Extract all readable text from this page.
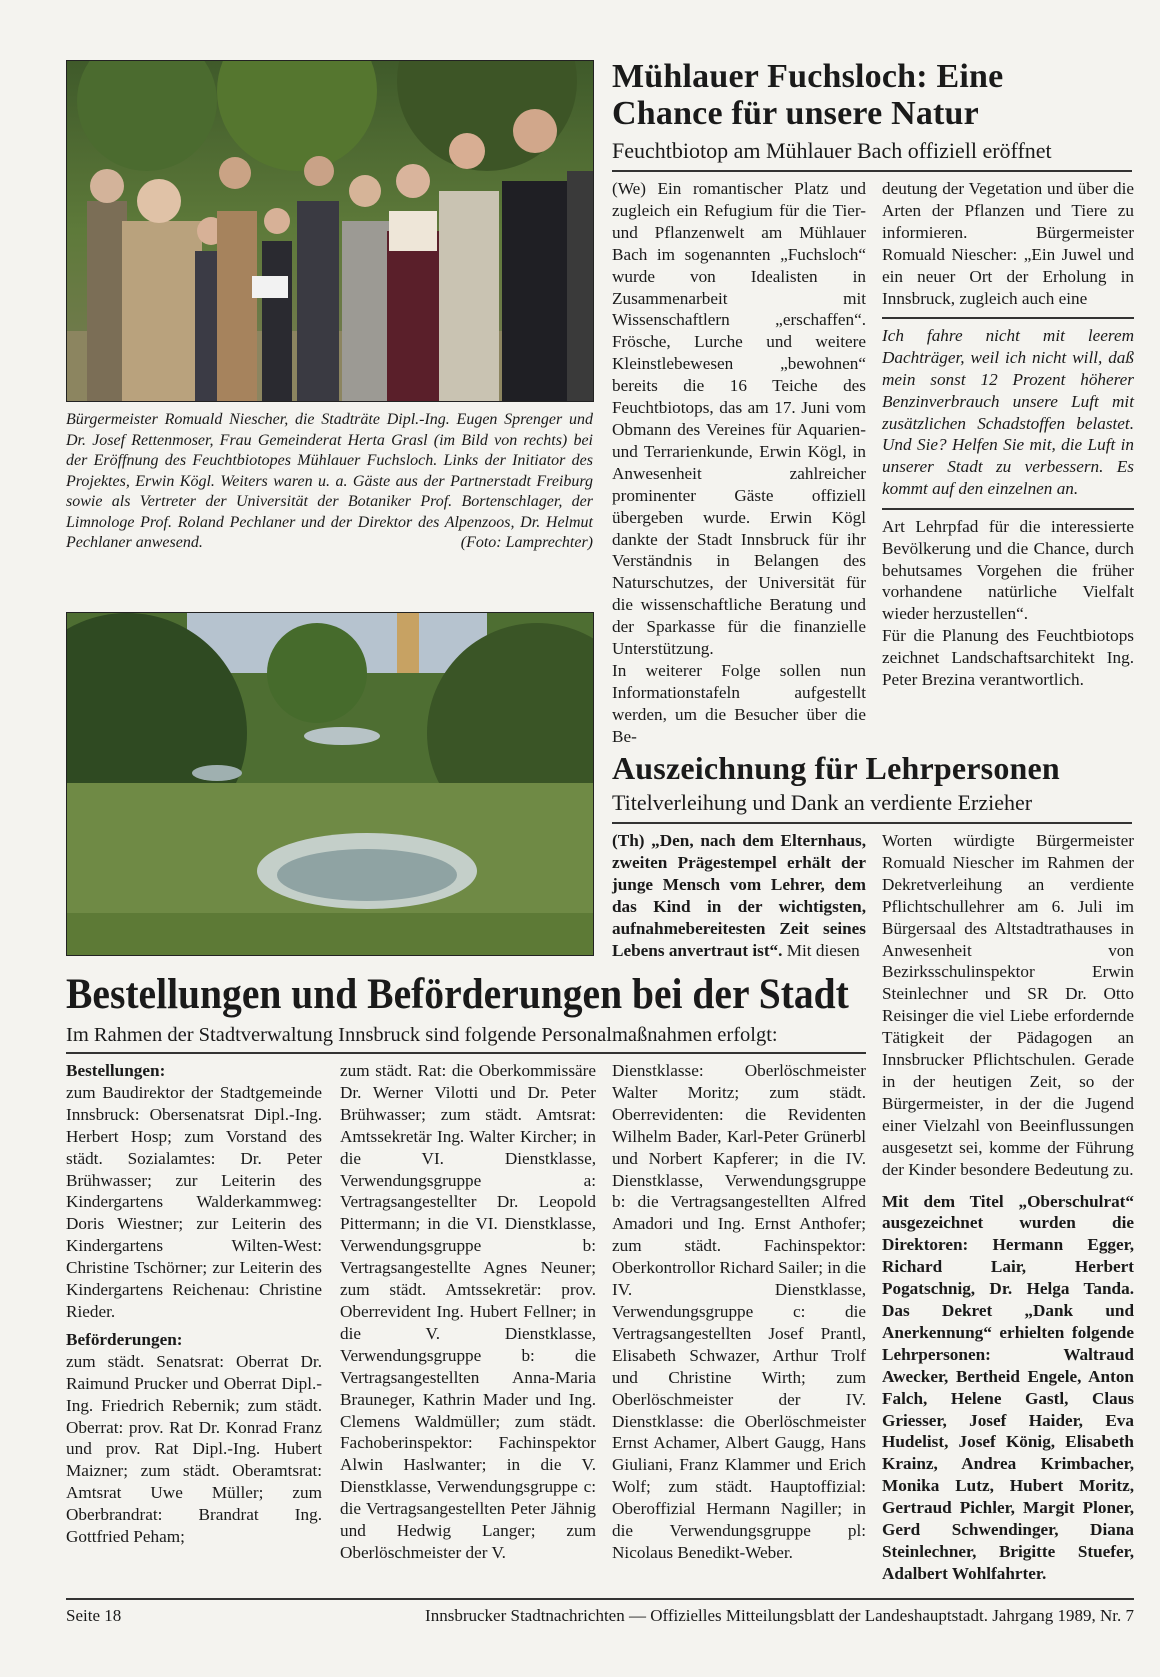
Bürgermeister Romuald Niescher, die Stadträte Dipl.-Ing. Eugen Sprenger und Dr. Josef Rettenmoser, Frau Gemeinderat Herta Grasl (im Bild von rechts) bei der Eröffnung des Feuchtbiotopes Mühlauer Fuchsloch. Links der Initiator des Projektes, Erwin Kögl. Weiters waren u. a. Gäste aus der Partnerstadt Freiburg sowie als Vertreter der Universität der Botaniker Prof. Bortenschlager, der Limnologe Prof. Roland Pechlaner und der Direktor des Alpenzoos, Dr. Helmut Pechlaner anwesend.	(Foto: Lamprechter)
Mühlauer Fuchsloch: Eine
Chance für unsere Natur
Feuchtbiotop am Mühlauer Bach offiziell eröffnet

(We) Ein romantischer Platz und zugleich ein Refugium für die Tier- und Pflanzenwelt am Mühlauer Bach im sogenannten „Fuchsloch“ wurde von Idealisten in Zusammenarbeit mit Wissenschaftlern „erschaffen“. Frösche, Lurche und weitere Kleinstlebewesen „bewohnen“ bereits die 16 Teiche des Feuchtbiotops, das am 17. Juni vom Obmann des Vereines für Aquarien- und Terrarienkunde, Erwin Kögl, in Anwesenheit zahlreicher prominenter Gäste offiziell übergeben wurde. Erwin Kögl dankte der Stadt Innsbruck für ihr Verständnis in Belangen des Naturschutzes, der Universität für die wissenschaftliche Beratung und der Sparkasse für die finanzielle Unterstützung.

In weiterer Folge sollen nun Informationstafeln aufgestellt werden, um die Besucher über die Be-

deutung der Vegetation und über die Arten der Pflanzen und Tiere zu informieren. Bürgermeister Romuald Niescher: „Ein Juwel und ein neuer Ort der Erholung in Innsbruck, zugleich auch eine

Ich fahre nicht mit leerem Dachträger, weil ich nicht will, daß mein sonst 12 Prozent höherer Benzinverbrauch unsere Luft mit zusätzlichen Schadstoffen belastet. Und Sie? Helfen Sie mit, die Luft in unserer Stadt zu verbessern. Es kommt auf den einzelnen an.

Art Lehrpfad für die interessierte Bevölkerung und die Chance, durch behutsames Vorgehen die früher vorhandene natürliche Vielfalt wieder herzustellen“.

Für die Planung des Feuchtbiotops zeichnet Landschaftsarchitekt Ing. Peter Brezina verantwortlich.

Auszeichnung für Lehrpersonen
Titelverleihung und Dank an verdiente Erzieher

(Th) „Den, nach dem Elternhaus, zweiten Prägestempel erhält der junge Mensch vom Lehrer, dem das Kind in der wichtigsten, aufnahmebereitesten Zeit seines Lebens anvertraut ist“. Mit diesen

Worten würdigte Bürgermeister Romuald Niescher im Rahmen der Dekretverleihung an verdiente Pflichtschullehrer am 6. Juli im Bürgersaal des Altstadtrathauses in Anwesenheit von Bezirksschulinspektor Erwin Steinlechner und SR Dr. Otto Reisinger die viel Liebe erfordernde Tätigkeit der Pädagogen an Innsbrucker Pflichtschulen. Gerade in der heutigen Zeit, so der Bürgermeister, in der die Jugend einer Vielzahl von Beeinflussungen ausgesetzt sei, komme der Führung der Kinder besondere Bedeutung zu.

Mit dem Titel „Oberschulrat“ ausgezeichnet wurden die Direktoren: Hermann Egger, Richard Lair, Herbert Pogatschnig, Dr. Helga Tanda. Das Dekret „Dank und Anerkennung“ erhielten folgende Lehrpersonen: Waltraud Awecker, Bertheid Engele, Anton Falch, Helene Gastl, Claus Griesser, Josef Haider, Eva Hudelist, Josef König, Elisabeth Krainz, Andrea Krimbacher, Monika Lutz, Hubert Moritz, Gertraud Pichler, Margit Ploner, Gerd Schwendinger, Diana Steinlechner, Brigitte Stuefer, Adalbert Wohlfahrter.

Bestellungen und Beförderungen bei der Stadt
Im Rahmen der Stadtverwaltung Innsbruck sind folgende Personalmaßnahmen erfolgt:

Bestellungen:

zum Baudirektor der Stadtgemeinde Innsbruck: Obersenatsrat Dipl.-Ing. Herbert Hosp; zum Vorstand des städt. Sozialamtes: Dr. Peter Brühwasser; zur Leiterin des Kindergartens Walderkammweg: Doris Wiestner; zur Leiterin des Kindergartens Wilten-West: Christine Tschörner; zur Leiterin des Kindergartens Reichenau: Christine Rieder.

Beförderungen:

zum städt. Senatsrat: Oberrat Dr. Raimund Prucker und Oberrat Dipl.-Ing. Friedrich Rebernik; zum städt. Oberrat: prov. Rat Dr. Konrad Franz und prov. Rat Dipl.-Ing. Hubert Maizner; zum städt. Oberamtsrat: Amtsrat Uwe Müller; zum Oberbrandrat: Brandrat Ing. Gottfried Peham;

zum städt. Rat: die Oberkommissäre Dr. Werner Vilotti und Dr. Peter Brühwasser; zum städt. Amtsrat: Amtssekretär Ing. Walter Kircher; in die VI. Dienstklasse, Verwendungsgruppe a: Vertragsangestellter Dr. Leopold Pittermann; in die VI. Dienstklasse, Verwendungsgruppe b: Vertragsangestellte Agnes Neuner; zum städt. Amtssekretär: prov. Oberrevident Ing. Hubert Fellner; in die V. Dienstklasse, Verwendungsgruppe b: die Vertragsangestellten Anna-Maria Brauneger, Kathrin Mader und Ing. Clemens Waldmüller; zum städt. Fachoberinspektor: Fachinspektor Alwin Haslwanter; in die V. Dienstklasse, Verwendungsgruppe c: die Vertragsangestellten Peter Jähnig und Hedwig Langer; zum Oberlöschmeister der V.

Dienstklasse: Oberlöschmeister Walter Moritz; zum städt. Oberrevidenten: die Revidenten Wilhelm Bader, Karl-Peter Grünerbl und Norbert Kapferer; in die IV. Dienstklasse, Verwendungsgruppe b: die Vertragsangestellten Alfred Amadori und Ing. Ernst Anthofer; zum städt. Fachinspektor: Oberkontrollor Richard Sailer; in die IV. Dienstklasse, Verwendungsgruppe c: die Vertragsangestellten Josef Prantl, Elisabeth Schwazer, Arthur Trolf und Christine Wirth; zum Oberlöschmeister der IV. Dienstklasse: die Oberlöschmeister Ernst Achamer, Albert Gaugg, Hans Giuliani, Franz Klammer und Erich Wolf; zum städt. Hauptoffizial: Oberoffizial Hermann Nagiller; in die Verwendungsgruppe pl: Nicolaus Benedikt-Weber.

Seite 18	Innsbrucker Stadtnachrichten — Offizielles Mitteilungsblatt der Landeshauptstadt. Jahrgang 1989, Nr. 7
